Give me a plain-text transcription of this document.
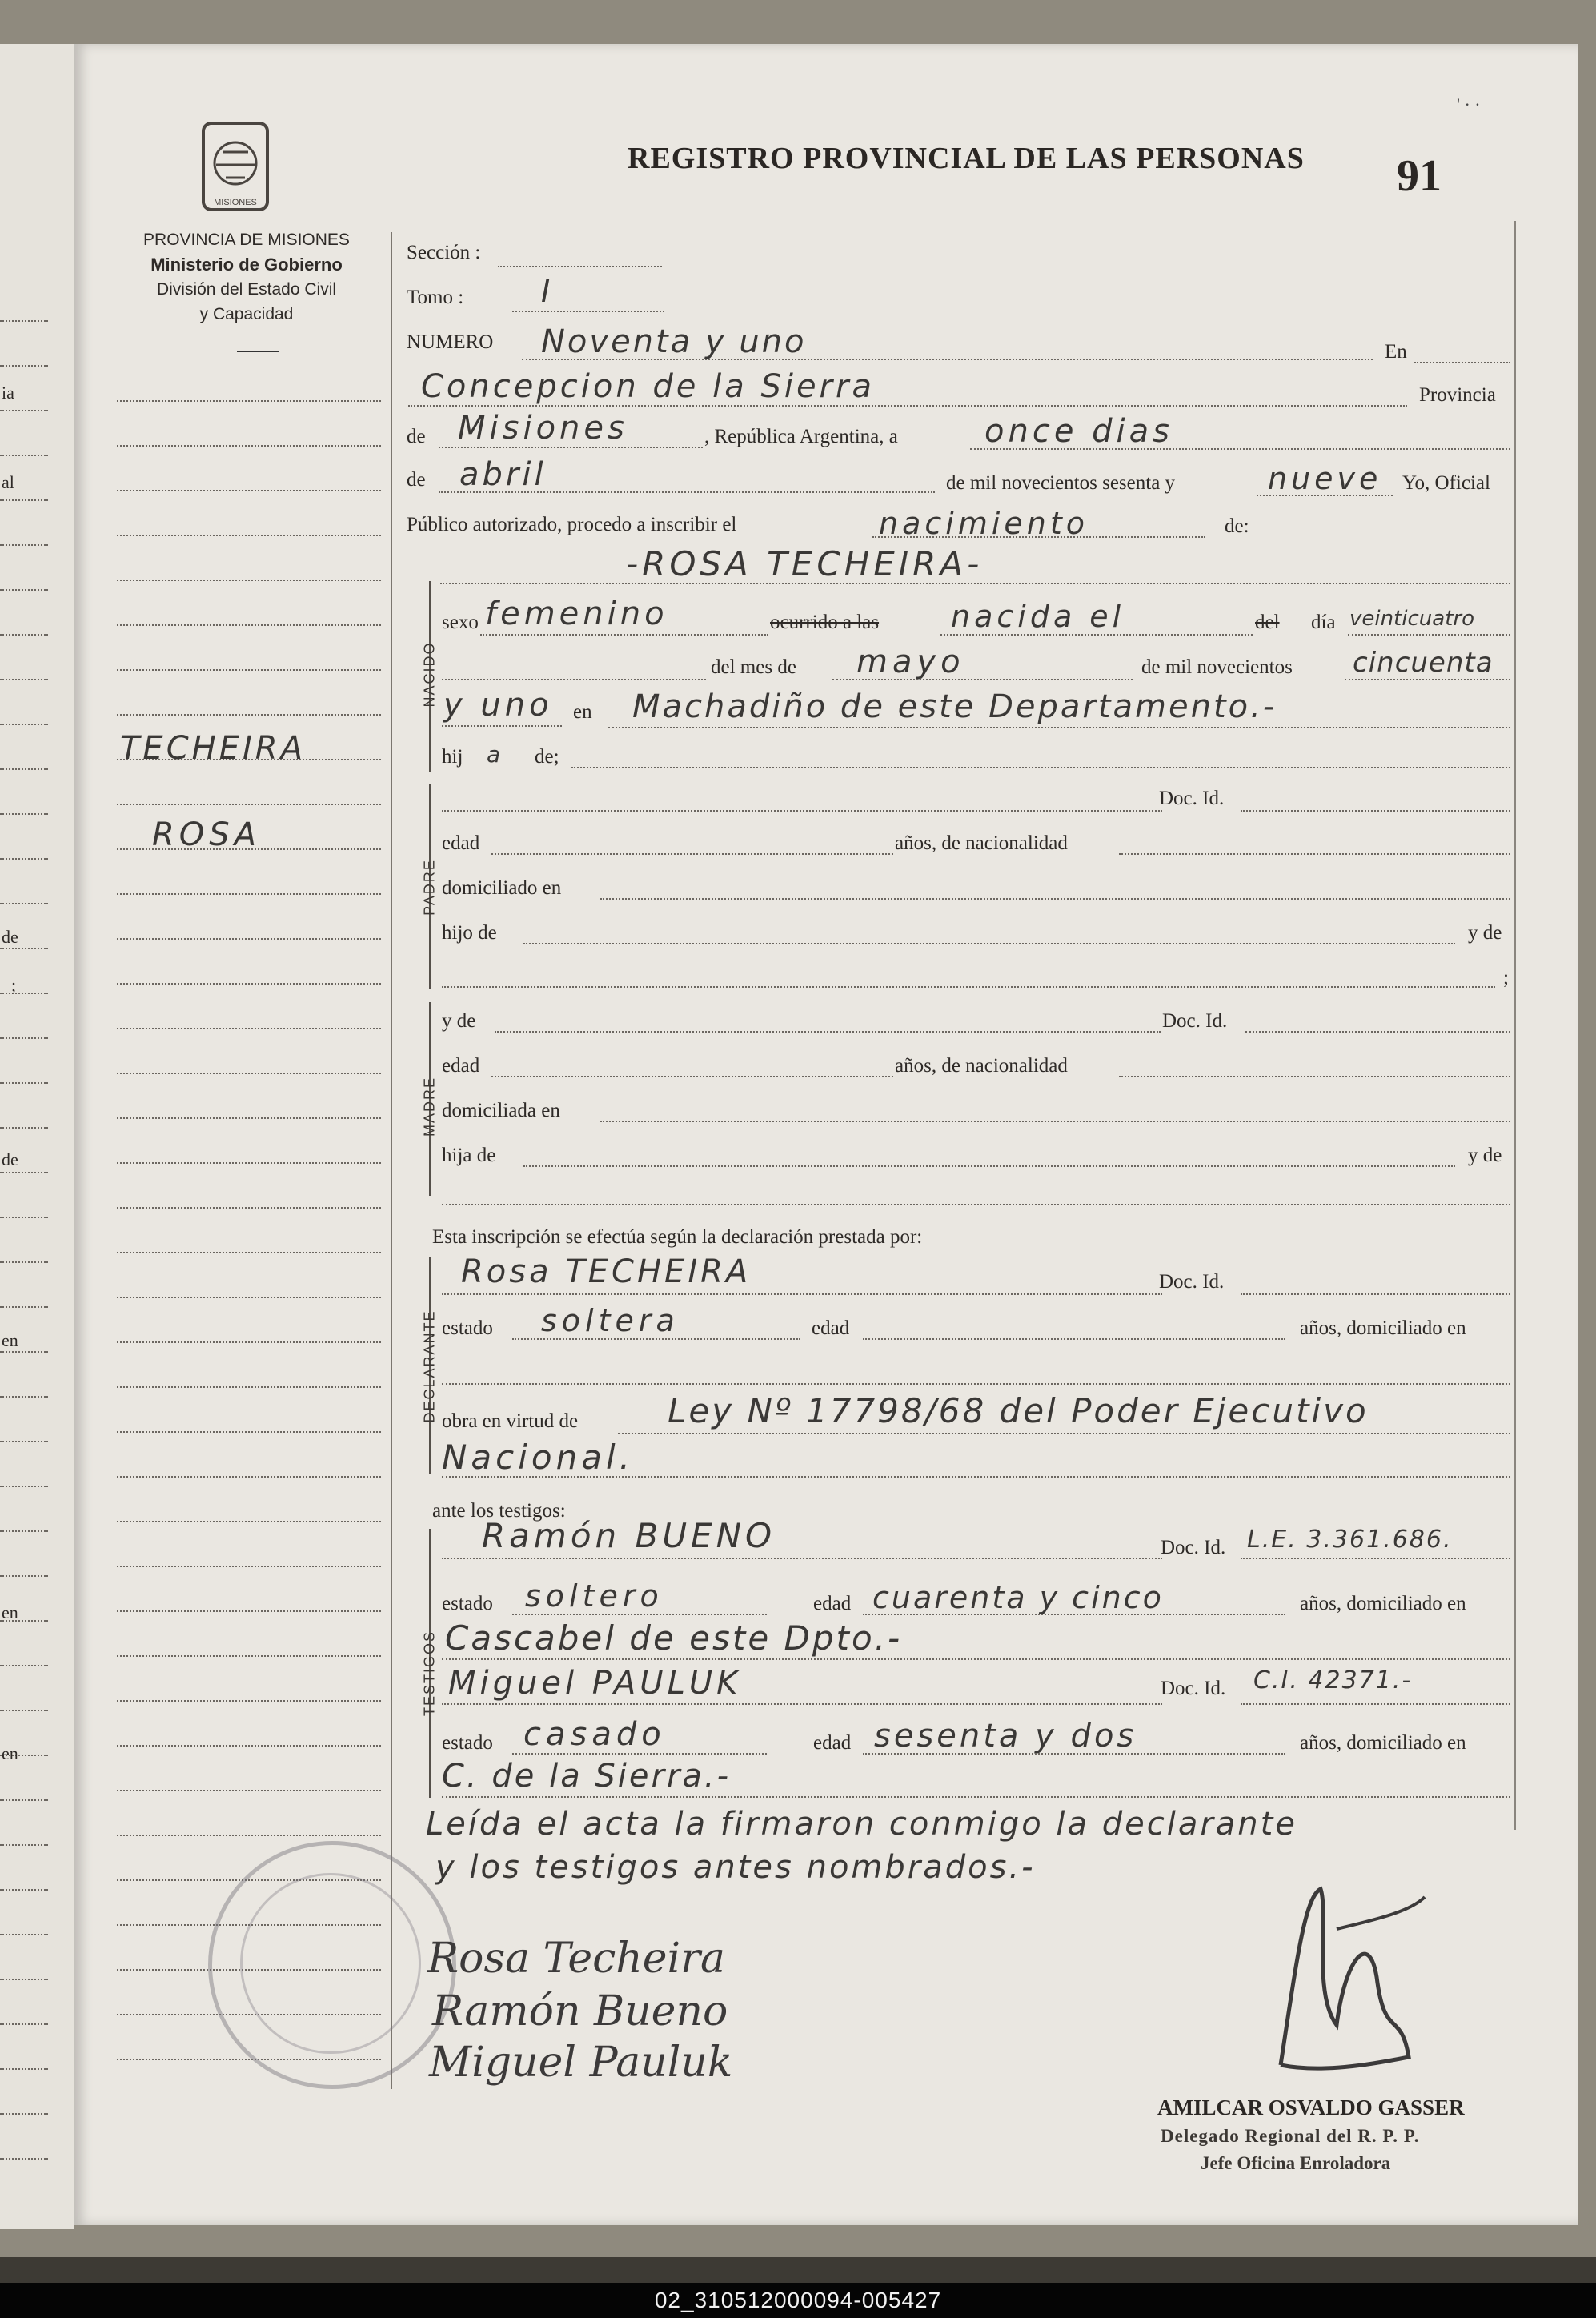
ia
al
de
;
de
en
en
en
MISIONES
PROVINCIA DE MISIONES
Ministerio de Gobierno
División del Estado Civil
y Capacidad
TECHEIRA
ROSA
REGISTRO PROVINCIAL DE LAS PERSONAS 91
' · ·
Sección :
Tomo :	I
NUMERO Noventa y uno	En
Concepcion de la Sierra	Provincia
de Misiones	, República Argentina, a	once dias
de abril	de mil novecientos sesenta y	nueve Yo, Oficial
Público autorizado, procedo a inscribir el	nacimiento	de:
-ROSA TECHEIRA-
NACIDO
sexo femenino	ocurrido a las nacida el	del día veinticuatro
del mes de mayo	de mil novecientos cincuenta
y uno en Machadiño de este Departamento.-
hij a de;
PADRE
Doc. Id.
edad	años, de nacionalidad
domiciliado en
hijo de	y de
;
MADRE
y de	Doc. Id.
edad	años, de nacionalidad
domiciliada en
hija de	y de
Esta inscripción se efectúa según la declaración prestada por:
DECLARANTE
Rosa TECHEIRA	Doc. Id.
estado soltera	edad	años, domiciliado en
obra en virtud de	Ley Nº 17798/68 del Poder Ejecutivo
Nacional.
ante los testigos:
TESTIGOS
Ramón BUENO	Doc. Id. L.E. 3.361.686.
estado soltero	edad cuarenta y cinco	años, domiciliado en
Cascabel de este Dpto.-
Miguel PAULUK	Doc. Id. C.I. 42371.-
estado casado	edad sesenta y dos	años, domiciliado en
C. de la Sierra.-
Leída el acta la firmaron conmigo la declarante
y los testigos antes nombrados.-
Rosa Techeira
Ramón Bueno
Miguel Pauluk
AMILCAR OSVALDO GASSER
Delegado Regional del R. P. P.
Jefe Oficina Enroladora
02_310512000094-005427
